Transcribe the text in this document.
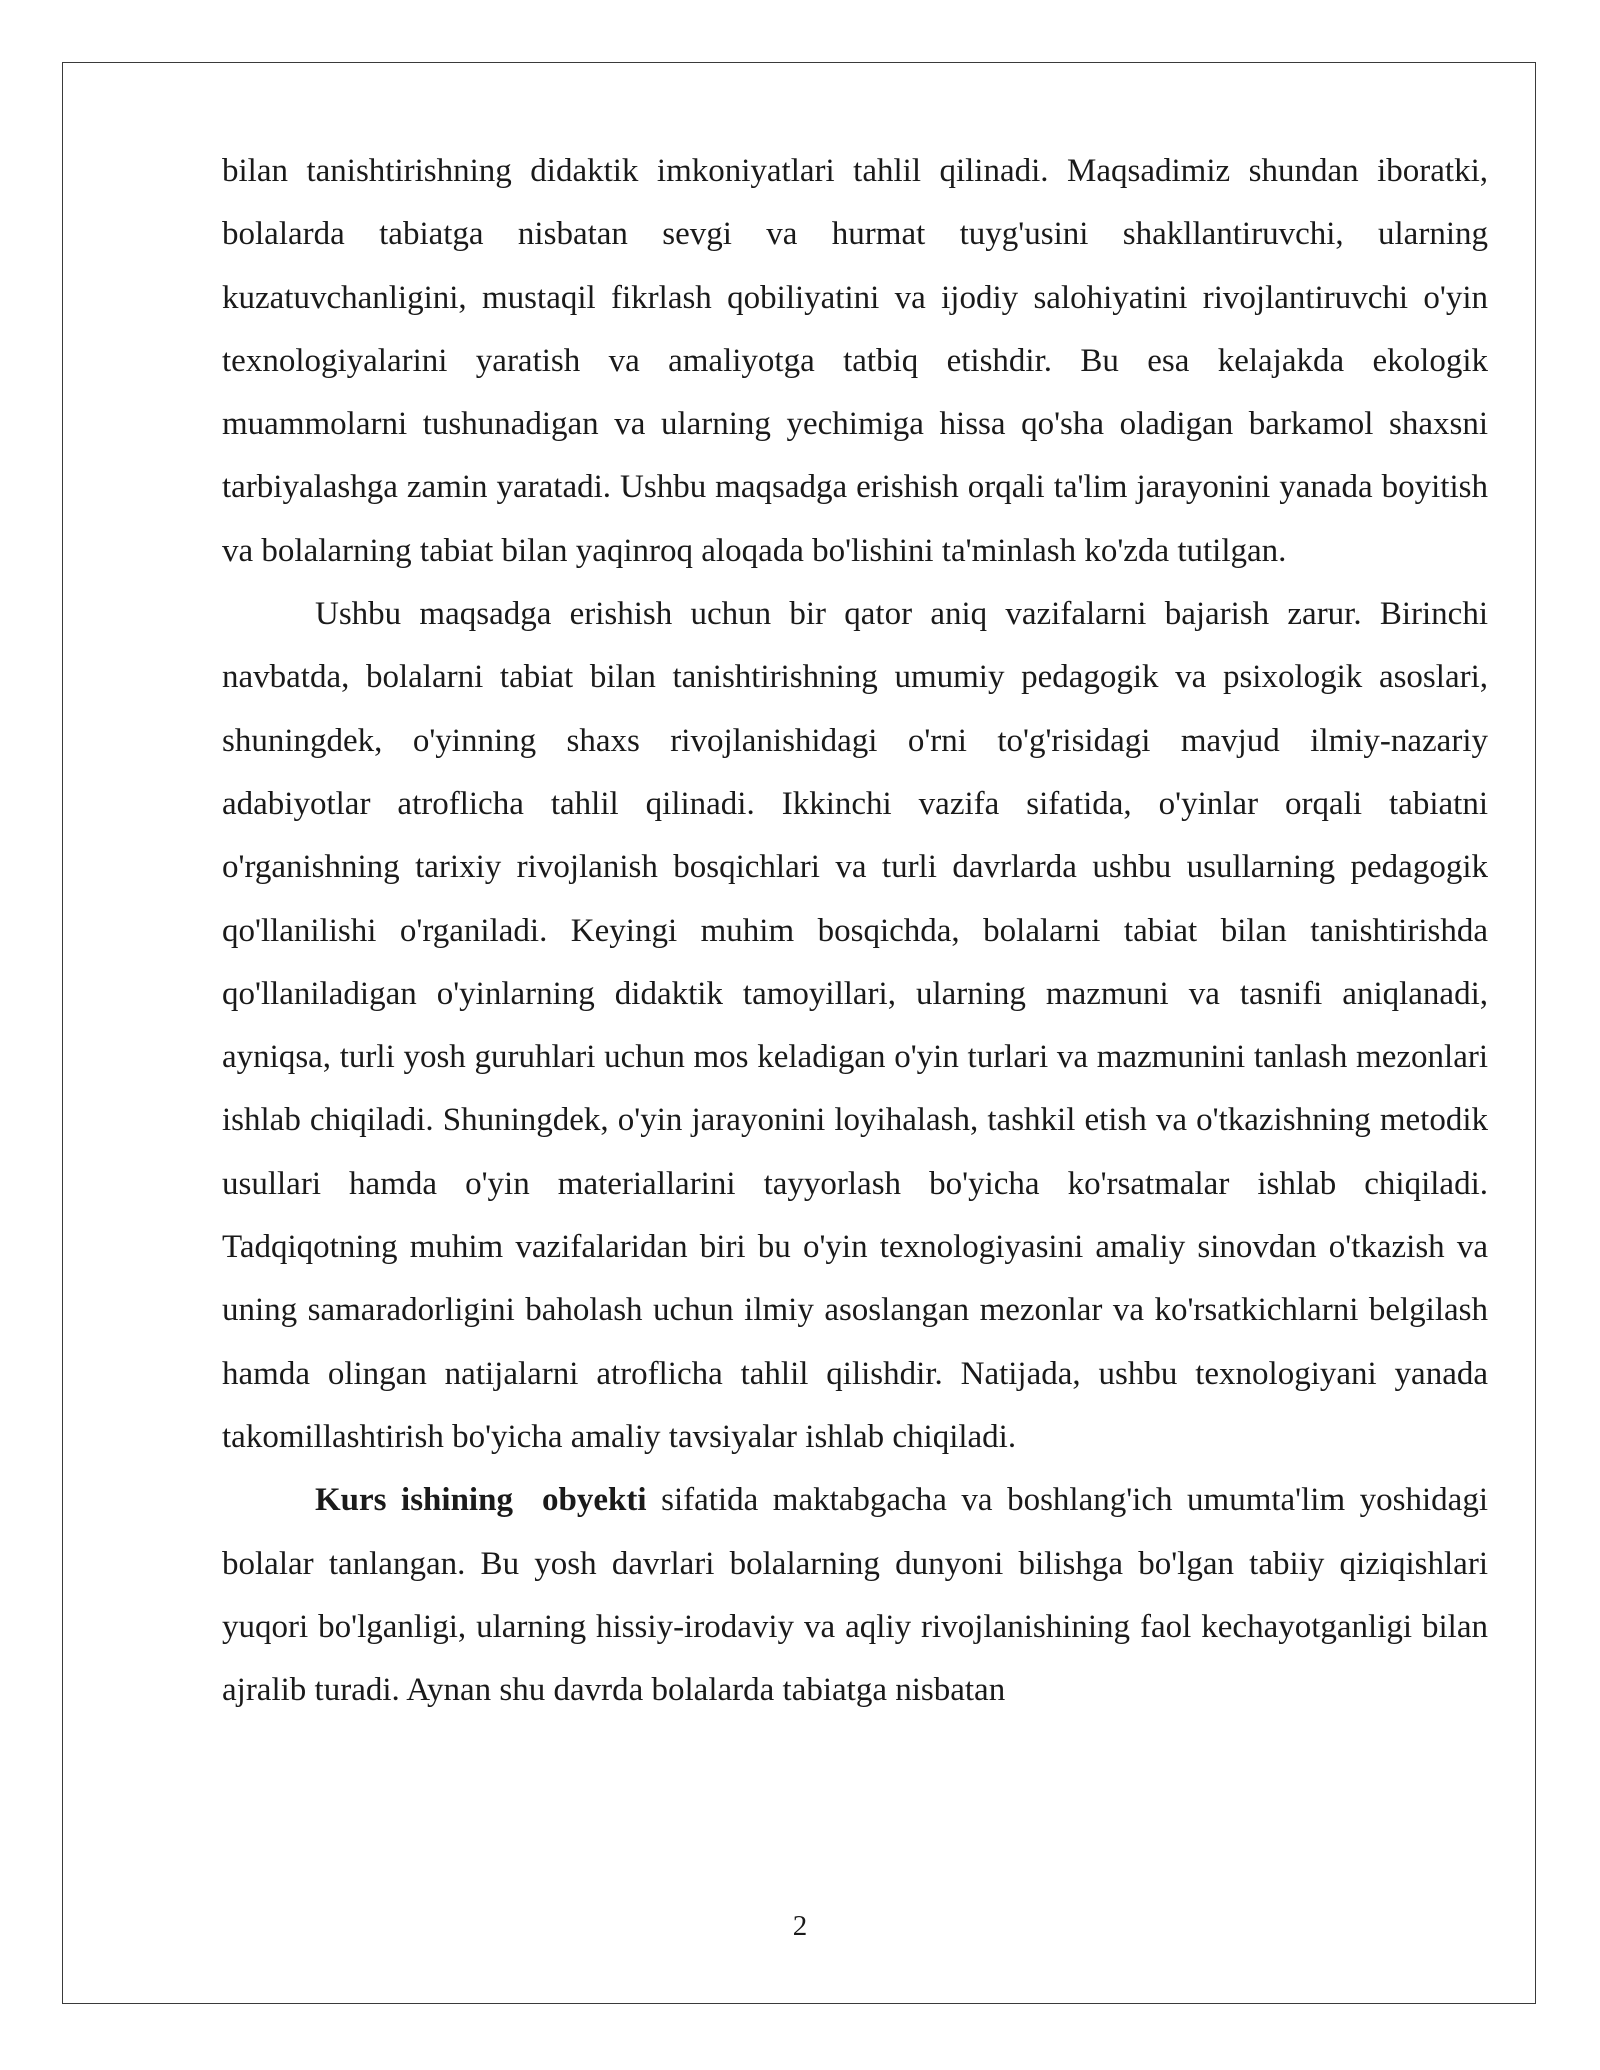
bilan tanishtirishning didaktik imkoniyatlari tahlil qilinadi. Maqsadimiz shundan iboratki, bolalarda tabiatga nisbatan sevgi va hurmat tuyg'usini shakllantiruvchi, ularning kuzatuvchanligini, mustaqil fikrlash qobiliyatini va ijodiy salohiyatini rivojlantiruvchi o'yin texnologiyalarini yaratish va amaliyotga tatbiq etishdir. Bu esa kelajakda ekologik muammolarni tushunadigan va ularning yechimiga hissa qo'sha oladigan barkamol shaxsni tarbiyalashga zamin yaratadi. Ushbu maqsadga erishish orqali ta'lim jarayonini yanada boyitish va bolalarning tabiat bilan yaqinroq aloqada bo'lishini ta'minlash ko'zda tutilgan.

Ushbu maqsadga erishish uchun bir qator aniq vazifalarni bajarish zarur. Birinchi navbatda, bolalarni tabiat bilan tanishtirishning umumiy pedagogik va psixologik asoslari, shuningdek, o'yinning shaxs rivojlanishidagi o'rni to'g'risidagi mavjud ilmiy-nazariy adabiyotlar atroflicha tahlil qilinadi. Ikkinchi vazifa sifatida, o'yinlar orqali tabiatni o'rganishning tarixiy rivojlanish bosqichlari va turli davrlarda ushbu usullarning pedagogik qo'llanilishi o'rganiladi. Keyingi muhim bosqichda, bolalarni tabiat bilan tanishtirishda qo'llaniladigan o'yinlarning didaktik tamoyillari, ularning mazmuni va tasnifi aniqlanadi, ayniqsa, turli yosh guruhlari uchun mos keladigan o'yin turlari va mazmunini tanlash mezonlari ishlab chiqiladi. Shuningdek, o'yin jarayonini loyihalash, tashkil etish va o'tkazishning metodik usullari hamda o'yin materiallarini tayyorlash bo'yicha ko'rsatmalar ishlab chiqiladi. Tadqiqotning muhim vazifalaridan biri bu o'yin texnologiyasini amaliy sinovdan o'tkazish va uning samaradorligini baholash uchun ilmiy asoslangan mezonlar va ko'rsatkichlarni belgilash hamda olingan natijalarni atroflicha tahlil qilishdir. Natijada, ushbu texnologiyani yanada takomillashtirish bo'yicha amaliy tavsiyalar ishlab chiqiladi.

Kurs ishining  obyekti sifatida maktabgacha va boshlang'ich umumta'lim yoshidagi bolalar tanlangan. Bu yosh davrlari bolalarning dunyoni bilishga bo'lgan tabiiy qiziqishlari yuqori bo'lganligi, ularning hissiy-irodaviy va aqliy rivojlanishining faol kechayotganligi bilan ajralib turadi. Aynan shu davrda bolalarda tabiatga nisbatan

2
